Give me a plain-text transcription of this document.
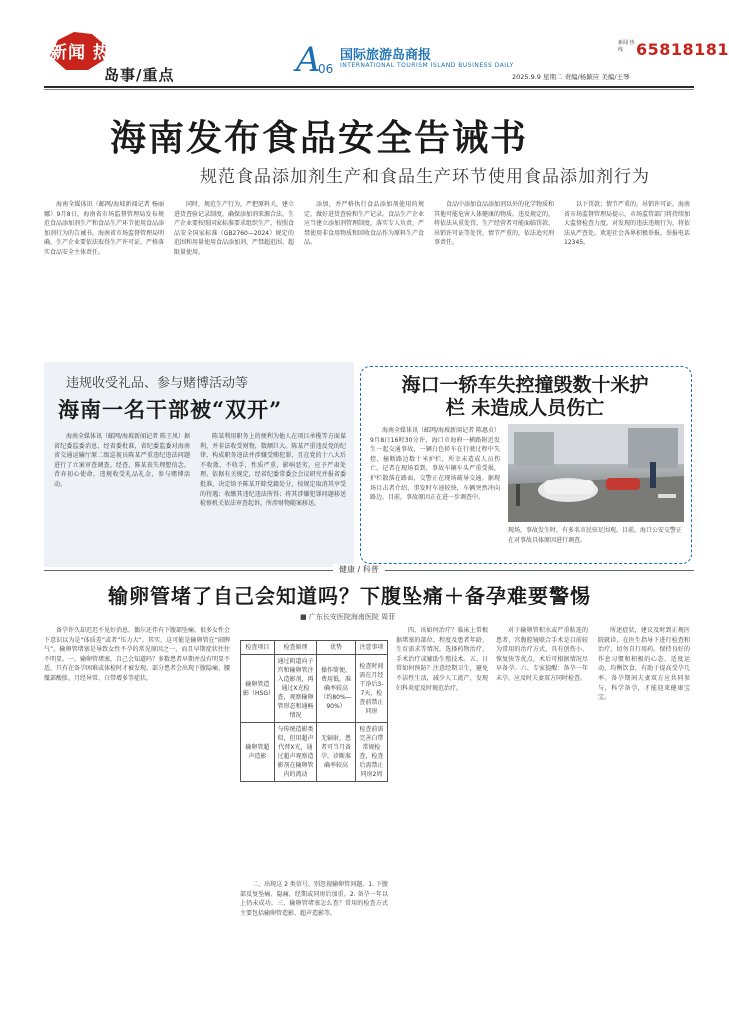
新闻 热线
岛事/重点	A
06
国际旅游岛商报
INTERNATIONAL TOURISM ISLAND BUSINESS DAILY
新闻 热线 65818181
2025.9.9 星期二 责编/杨颖应 美编/王琴
海南发布食品安全告诫书
规范食品添加剂生产和食品生产环节使用食品添加剂行为
海南全媒体讯（邮网/海坡新闻记者 杨丽娜）9月8日，海南省市场监督管理局发布规范食品添加剂生产和食品生产环节使用食品添加剂行为的告诫书。海南省市场监督管理局明确，生产企业要依法取得生产许可证，严格落实食品安全主体责任。
同时，规范生产行为，严把原料关，建立进货查验记录制度，确保添加剂来源合法。生产企业要按照国家标准要求组织生产，按照食品安全国家标准（GB2760—2024）规定的范围和用量使用食品添加剂，严禁超范围、超限量使用。
添加，并严格执行食品添加剂使用的规定，做好进货查验和生产记录。食品生产企业应当建立添加剂管理制度，落实专人负责，严禁使用非食用物质和回收食品作为原料生产食品。
食品中添加食品添加剂以外的化学物质和其他可能危害人体健康的物质。违反规定的，将依法从重处罚，生产经营者可能面临罚款、吊销许可证等处罚，情节严重的，依法追究刑事责任。
以下罚款；情节严重的，吊销许可证。海南省市场监督管理局提示，市场监管部门将持续加大监督检查力度，对发现的违法违规行为，将依法从严查处。欢迎社会各界积极举报，举报电话12345。
违规收受礼品、参与赌博活动等
海南一名干部被“双开”
海南全媒体讯（邮网/海坡新闻记者 陈王凤）据省纪委监委消息，经省委批准，省纪委监委对海南省交通运输厅原二级巡视员陈某严重违纪违法问题进行了立案审查调查。经查，陈某丧失理想信念，背弃初心使命，违规收受礼品礼金，参与赌博活动。
陈某利用职务上的便利为他人在项目承揽等方面谋利，并非法收受财物，数额巨大。陈某严重违反党的纪律，构成职务违法并涉嫌受贿犯罪，且在党的十八大后不收敛、不收手，性质严重，影响恶劣，应予严肃处理。依据有关规定，经省纪委常委会会议研究并报省委批准，决定给予陈某开除党籍处分，按规定取消其享受的待遇；收缴其违纪违法所得；将其涉嫌犯罪问题移送检察机关依法审查起诉，所涉财物随案移送。
海口一轿车失控撞毁数十米护栏 未造成人员伤亡
海南全媒体讯（邮网/海坡新闻记者 陈惠贞）9月8日16时30分许，海口市海府一横路附近发生一起交通事故，一辆白色轿车在行驶过程中失控，撞断路边数十米护栏，所幸未造成人员伤亡。记者在现场看到，事故车辆车头严重受损，护栏散落在路面，交警正在现场疏导交通。据现场目击者介绍，事发时车速较快，车辆突然冲向路边。目前，事故原因正在进一步调查中。
现场，事故发生时，有多名市民驻足围观。目前，海口公安交警正在对事故具体原因进行调查。
健康 / 科普
输卵管堵了自己会知道吗？下腹坠痛＋备孕难要警惕
■ 广东长安医院海南医院 周菲
备孕许久却迟迟不见好消息，偶尔还伴有下腹部坠痛，很多女性会下意识以为是“体质差”或者“压力大”。其实，这可能是输卵管在“闹脾气”。输卵管堵塞是导致女性不孕的常见原因之一，而且早期症状往往不明显。一、输卵管堵塞，自己会知道吗？多数患者早期并没有明显不适，只有在备孕困难或体检时才被发现。部分患者会出现下腹隐痛、腰骶部酸胀、月经异常、白带增多等症状。
二、出现这 2 类信号，别忽视输卵管问题。1. 下腹部反复坠痛、隐痛，经期或同房后加重。2. 备孕一年以上仍未成功。三、输卵管堵塞怎么查？常用的检查方式主要包括输卵管造影、超声造影等。
四、该如何治疗？临床上常根据堵塞的部位、程度及患者年龄、生育需求等情况，选择药物治疗、手术治疗或辅助生殖技术。五、日常如何预防？注意经期卫生，避免不洁性生活，减少人工流产，发现妇科炎症及时规范治疗。
对于输卵管积水或严重粘连的患者，宫腹腔镜联合手术是目前较为常用的治疗方式，具有创伤小、恢复快等优点，术后可根据情况尽早备孕。六、专家提醒：备孕一年未孕，应及时夫妻双方同时检查。
所述症状，建议及时到正规医院就诊，在医生指导下进行检查和治疗，切勿自行用药。保持良好的作息习惯和积极的心态，适度运动，均衡饮食，有助于提高受孕几率。备孕期间夫妻双方应共同参与，科学备孕，才能迎来健康宝宝。
检查项目	检查原理	优势	注意事项
输卵管造影（HSG）	通过阴道向子宫和输卵管注入造影剂，再通过X光检查，观察输卵管形态和通畅情况	操作简便，费用低，准确率较高（约80%—90%）	检查时间需在月经干净后3-7天，检查前禁止同房
输卵管超声造影	与传统造影类似，但用超声代替X光，通过超声观察造影剂在输卵管内的流动	无辐射，患者可当月备孕，诊断准确率较高	检查前需完善白带常规检查，检查后需禁止同房2周
